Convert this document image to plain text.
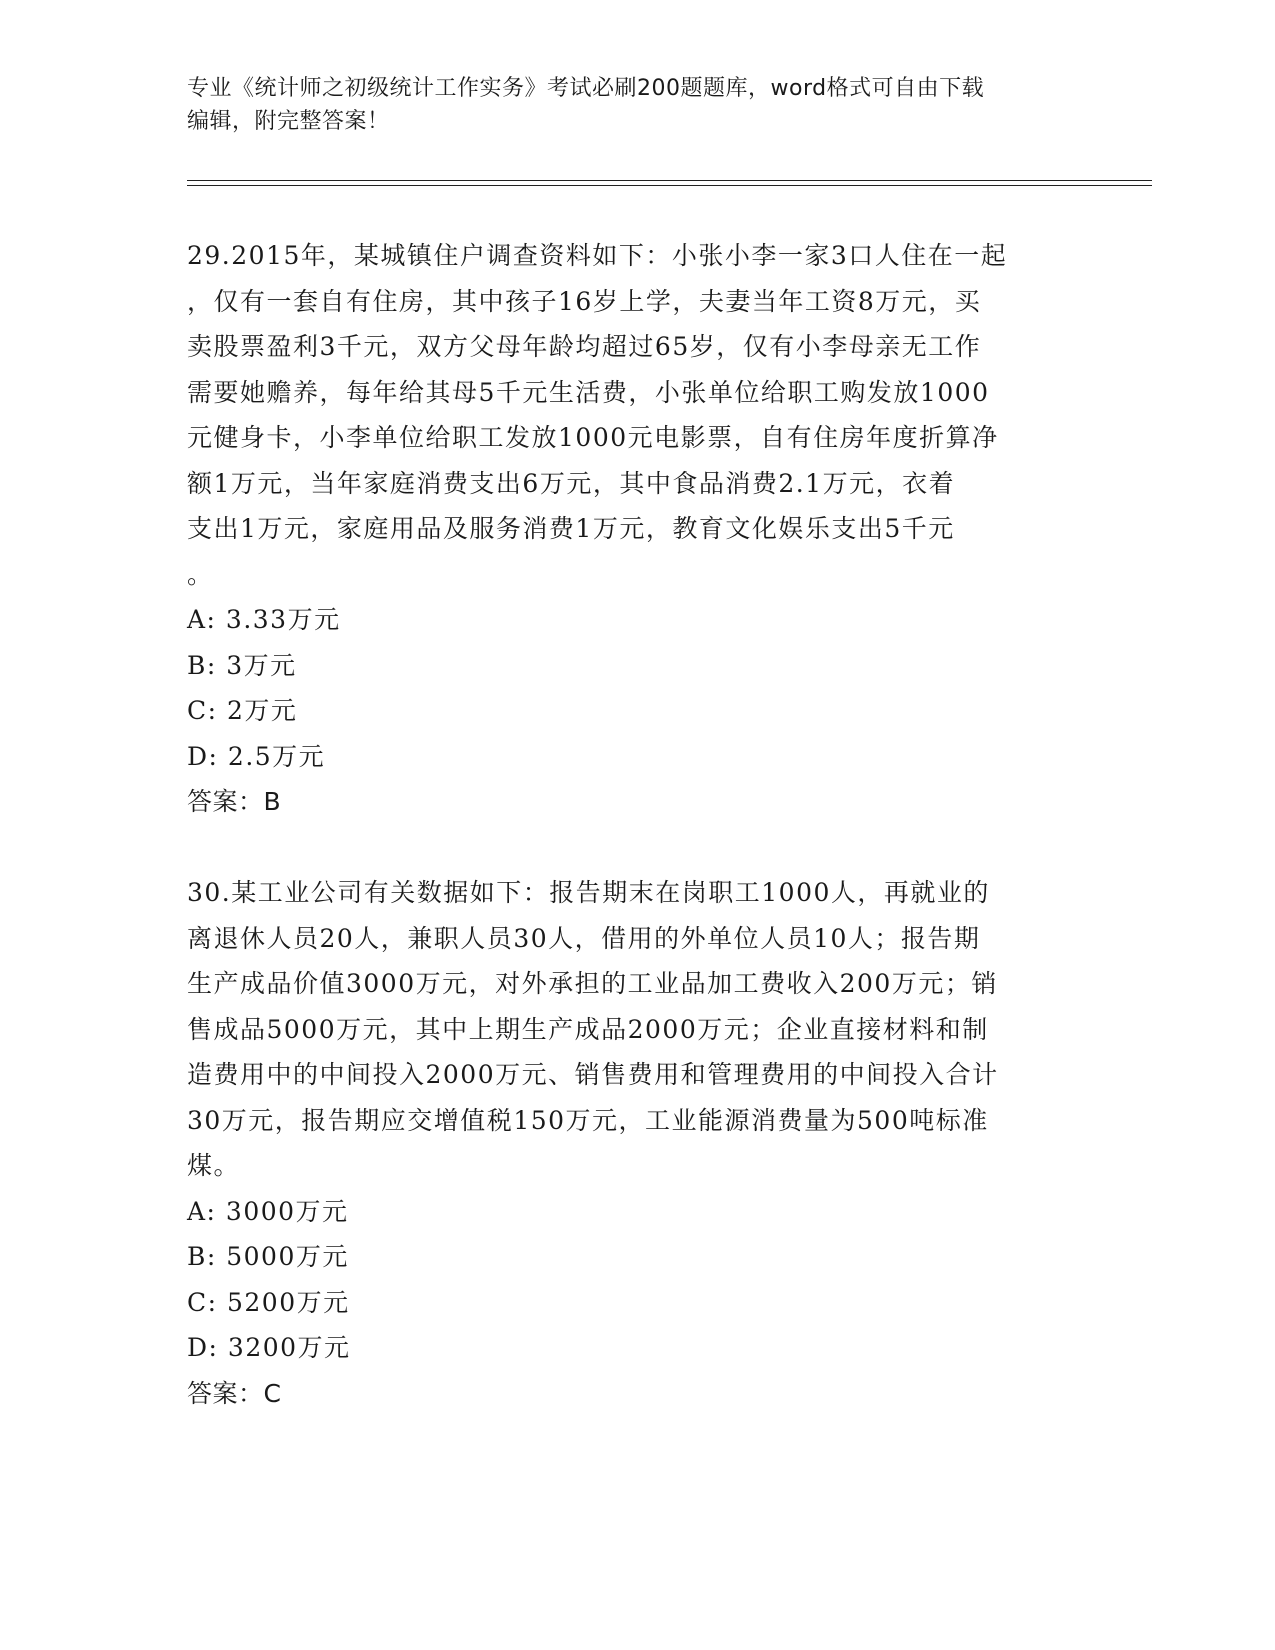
专业《统计师之初级统计工作实务》考试必刷200题题库，word格式可自由下载
编辑，附完整答案！

29.2015年，某城镇住户调查资料如下：小张小李一家3口人住在一起

，仅有一套自有住房，其中孩子16岁上学，夫妻当年工资8万元，买

卖股票盈利3千元，双方父母年龄均超过65岁，仅有小李母亲无工作

需要她赡养，每年给其母5千元生活费，小张单位给职工购发放1000

元健身卡，小李单位给职工发放1000元电影票，自有住房年度折算净

额1万元，当年家庭消费支出6万元，其中食品消费2.1万元，衣着

支出1万元，家庭用品及服务消费1万元，教育文化娱乐支出5千元

。

A: 3.33万元

B: 3万元

C: 2万元

D: 2.5万元

答案：B

30.某工业公司有关数据如下：报告期末在岗职工1000人，再就业的

离退休人员20人，兼职人员30人，借用的外单位人员10人；报告期

生产成品价值3000万元，对外承担的工业品加工费收入200万元；销

售成品5000万元，其中上期生产成品2000万元；企业直接材料和制

造费用中的中间投入2000万元、销售费用和管理费用的中间投入合计

30万元，报告期应交增值税150万元，工业能源消费量为500吨标准

煤。

A: 3000万元

B: 5000万元

C: 5200万元

D: 3200万元

答案：C
